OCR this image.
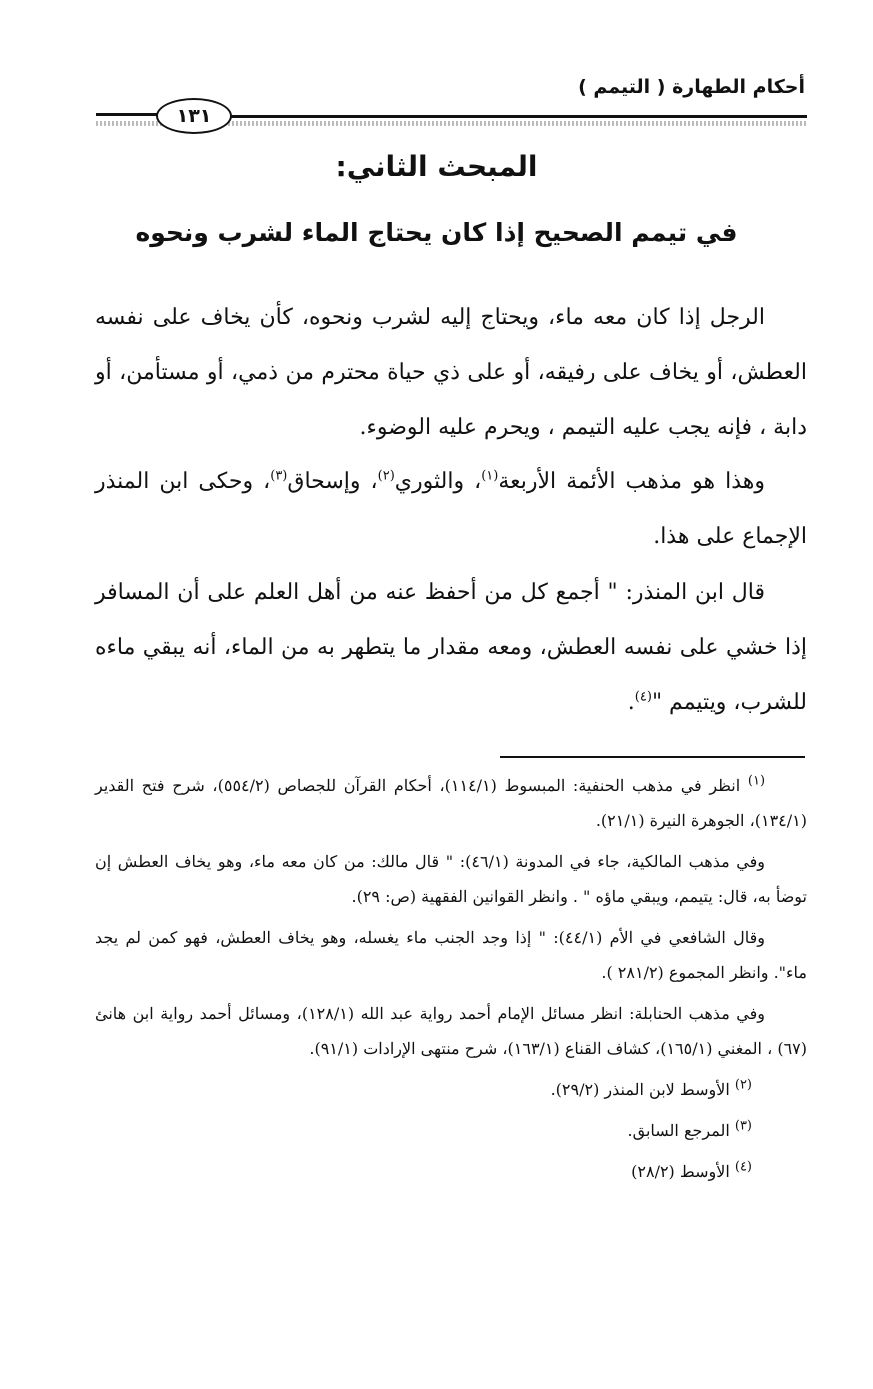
أحكام الطهارة ( التيمم )
١٣١
المبحث الثاني:
في تيمم الصحيح إذا كان يحتاج الماء لشرب ونحوه

الرجل إذا كان معه ماء، ويحتاج إليه لشرب ونحوه، كأن يخاف على نفسه العطش، أو يخاف على رفيقه، أو على ذي حياة محترم من ذمي، أو مستأمن، أو دابة ، فإنه يجب عليه التيمم ، ويحرم عليه الوضوء.

وهذا هو مذهب الأئمة الأربعة$^{(١)}$، والثوري$^{(٢)}$، وإسحاق$^{(٣)}$، وحكى ابن المنذر الإجماع على هذا.

قال ابن المنذر: " أجمع كل من أحفظ عنه من أهل العلم على أن المسافر إذا خشي على نفسه العطش، ومعه مقدار ما يتطهر به من الماء، أنه يبقي ماءه للشرب، ويتيمم "$^{(٤)}$.

$^{(١)}$ انظر في مذهب الحنفية: المبسوط (١١٤/١)، أحكام القرآن للجصاص (٥٥٤/٢)، شرح فتح القدير (١٣٤/١)، الجوهرة النيرة (٢١/١).

وفي مذهب المالكية، جاء في المدونة (٤٦/١): " قال مالك: من كان معه ماء، وهو يخاف العطش إن توضأ به، قال: يتيمم، ويبقي ماؤه " . وانظر القوانين الفقهية (ص: ٢٩).

وقال الشافعي في الأم (٤٤/١): " إذا وجد الجنب ماء يغسله، وهو يخاف العطش، فهو كمن لم يجد ماء". وانظر المجموع (٢٨١/٢ ).

وفي مذهب الحنابلة: انظر مسائل الإمام أحمد رواية عبد الله (١٢٨/١)، ومسائل أحمد رواية ابن هانئ (٦٧) ، المغني (١٦٥/١)، كشاف القناع (١٦٣/١)، شرح منتهى الإرادات (٩١/١).

$^{(٢)}$ الأوسط لابن المنذر (٢٩/٢).

$^{(٣)}$ المرجع السابق.

$^{(٤)}$ الأوسط (٢٨/٢)
